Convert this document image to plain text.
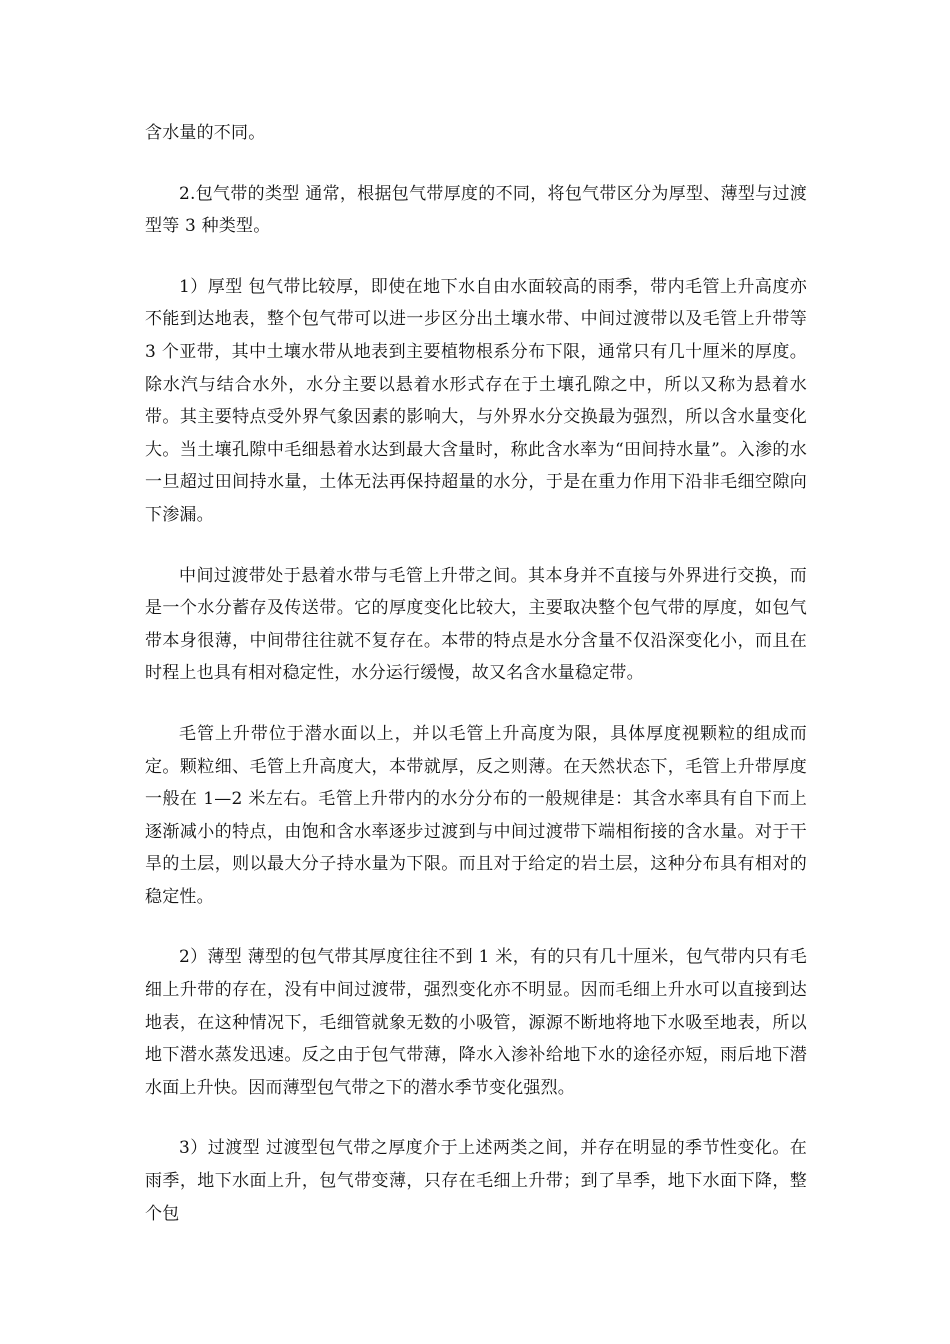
含水量的不同。

2.包气带的类型 通常，根据包气带厚度的不同，将包气带区分为厚型、薄型与过渡型等 3 种类型。

1）厚型 包气带比较厚，即使在地下水自由水面较高的雨季，带内毛管上升高度亦不能到达地表，整个包气带可以进一步区分出土壤水带、中间过渡带以及毛管上升带等 3 个亚带，其中土壤水带从地表到主要植物根系分布下限，通常只有几十厘米的厚度。除水汽与结合水外，水分主要以悬着水形式存在于土壤孔隙之中，所以又称为悬着水带。其主要特点受外界气象因素的影响大，与外界水分交换最为强烈，所以含水量变化大。当土壤孔隙中毛细悬着水达到最大含量时，称此含水率为“田间持水量”。入渗的水一旦超过田间持水量，土体无法再保持超量的水分，于是在重力作用下沿非毛细空隙向下渗漏。

中间过渡带处于悬着水带与毛管上升带之间。其本身并不直接与外界进行交换，而是一个水分蓄存及传送带。它的厚度变化比较大，主要取决整个包气带的厚度，如包气带本身很薄，中间带往往就不复存在。本带的特点是水分含量不仅沿深变化小，而且在时程上也具有相对稳定性，水分运行缓慢，故又名含水量稳定带。

毛管上升带位于潜水面以上，并以毛管上升高度为限，具体厚度视颗粒的组成而定。颗粒细、毛管上升高度大，本带就厚，反之则薄。在天然状态下，毛管上升带厚度一般在 1—2 米左右。毛管上升带内的水分分布的一般规律是：其含水率具有自下而上逐渐减小的特点，由饱和含水率逐步过渡到与中间过渡带下端相衔接的含水量。对于干旱的土层，则以最大分子持水量为下限。而且对于给定的岩土层，这种分布具有相对的稳定性。

2）薄型 薄型的包气带其厚度往往不到 1 米，有的只有几十厘米，包气带内只有毛细上升带的存在，没有中间过渡带，强烈变化亦不明显。因而毛细上升水可以直接到达地表，在这种情况下，毛细管就象无数的小吸管，源源不断地将地下水吸至地表，所以地下潜水蒸发迅速。反之由于包气带薄，降水入渗补给地下水的途径亦短，雨后地下潜水面上升快。因而薄型包气带之下的潜水季节变化强烈。

3）过渡型 过渡型包气带之厚度介于上述两类之间，并存在明显的季节性变化。在雨季，地下水面上升，包气带变薄，只存在毛细上升带；到了旱季，地下水面下降，整个包
